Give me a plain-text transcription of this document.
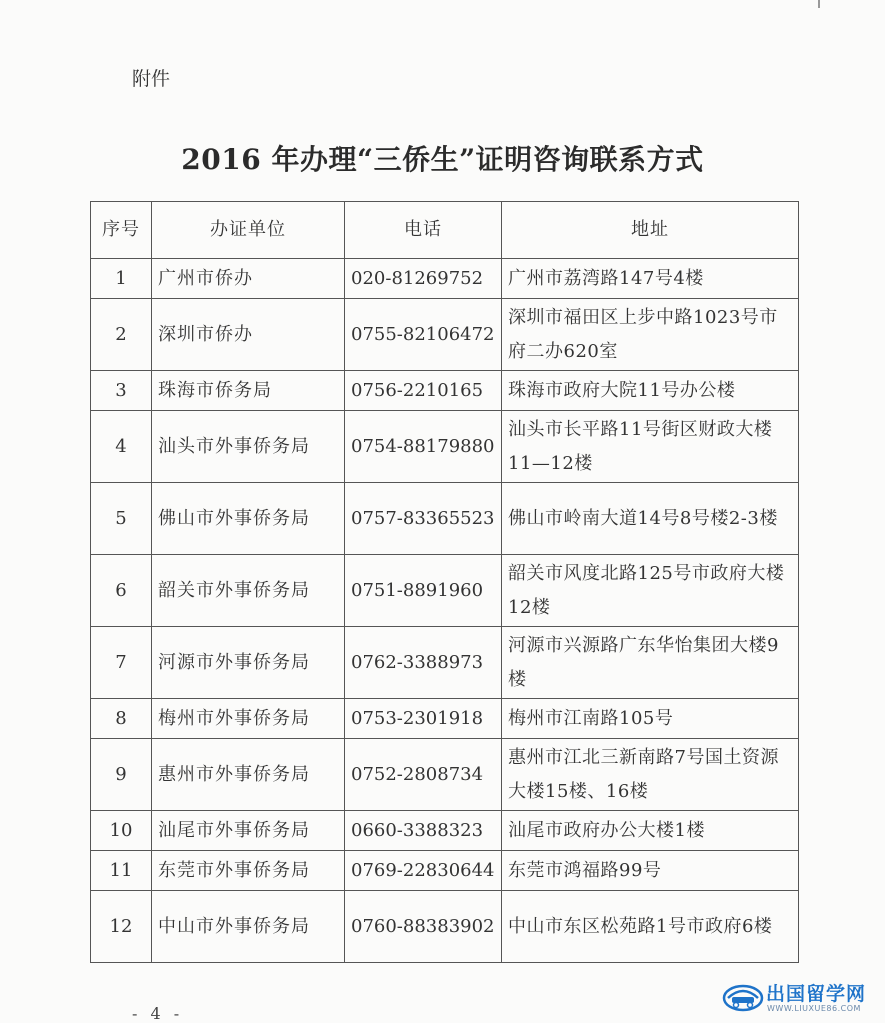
附件
2016 年办理“三侨生”证明咨询联系方式
序号	办证单位	电话	地址
1	广州市侨办	020-81269752	广州市荔湾路147号4楼
2	深圳市侨办	0755-82106472	深圳市福田区上步中路1023号市府二办620室
3	珠海市侨务局	0756-2210165	珠海市政府大院11号办公楼
4	汕头市外事侨务局	0754-88179880	汕头市长平路11号街区财政大楼11—12楼
5	佛山市外事侨务局	0757-83365523	佛山市岭南大道14号8号楼2-3楼
6	韶关市外事侨务局	0751-8891960	韶关市风度北路125号市政府大楼12楼
7	河源市外事侨务局	0762-3388973	河源市兴源路广东华怡集团大楼9楼
8	梅州市外事侨务局	0753-2301918	梅州市江南路105号
9	惠州市外事侨务局	0752-2808734	惠州市江北三新南路7号国土资源大楼15楼、16楼
10	汕尾市外事侨务局	0660-3388323	汕尾市政府办公大楼1楼
11	东莞市外事侨务局	0769-22830644	东莞市鸿福路99号
12	中山市外事侨务局	0760-88383902	中山市东区松苑路1号市政府6楼
- 4 -
出国留学网
WWW.LIUXUE86.COM
